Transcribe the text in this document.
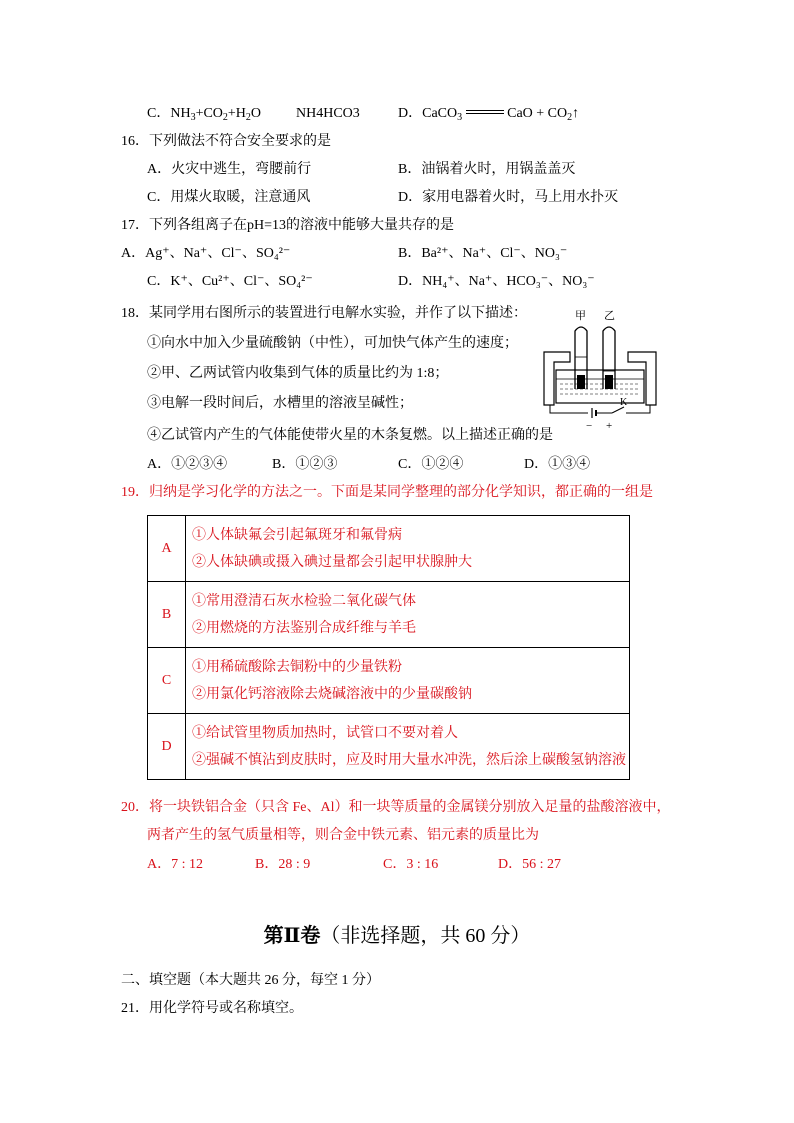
C．$NH_3+CO_2+H_2O$ NH4HCO3	D．CaCO$_3$	CaO + $CO_2↑$
16．下列做法不符合安全要求的是
A．火灾中逃生，弯腰前行	B．油锅着火时，用锅盖盖灭
C．用煤火取暖，注意通风	D．家用电器着火时，马上用水扑灭
17．下列各组离子在pH=13的溶液中能够大量共存的是
A．Ag⁺、Na⁺、Cl⁻、SO₄²⁻	B．Ba²⁺、Na⁺、Cl⁻、NO₃⁻
C．K⁺、Cu²⁺、Cl⁻、SO₄²⁻	D．NH₄⁺、Na⁺、HCO₃⁻、NO₃⁻
18．某同学用右图所示的装置进行电解水实验，并作了以下描述：
①向水中加入少量硫酸钠（中性），可加快气体产生的速度；
②甲、乙两试管内收集到气体的质量比约为 1:8；
③电解一段时间后，水槽里的溶液呈碱性；
④乙试管内产生的气体能使带火星的木条复燃。以上描述正确的是
A．①②③④	B．①②③	C．①②④	D．①③④
甲 乙
K
− +
19．归纳是学习化学的方法之一。下面是某同学整理的部分化学知识，都正确的一组是
A	①人体缺氟会引起氟斑牙和氟骨病
②人体缺碘或摄入碘过量都会引起甲状腺肿大

B	①常用澄清石灰水检验二氧化碳气体
②用燃烧的方法鉴别合成纤维与羊毛

C	①用稀硫酸除去铜粉中的少量铁粉
②用氯化钙溶液除去烧碱溶液中的少量碳酸钠

D	①给试管里物质加热时，试管口不要对着人
②强碱不慎沾到皮肤时，应及时用大量水冲洗，然后涂上碳酸氢钠溶液
20．将一块铁铝合金（只含 Fe、Al）和一块等质量的金属镁分别放入足量的盐酸溶液中，
两者产生的氢气质量相等，则合金中铁元素、铝元素的质量比为
A．7 : 12	B．28 : 9	C．3 : 16	D．56 : 27
第Ⅱ卷（非选择题，共 60 分）
二、填空题（本大题共 26 分，每空 1 分）
21．用化学符号或名称填空。
